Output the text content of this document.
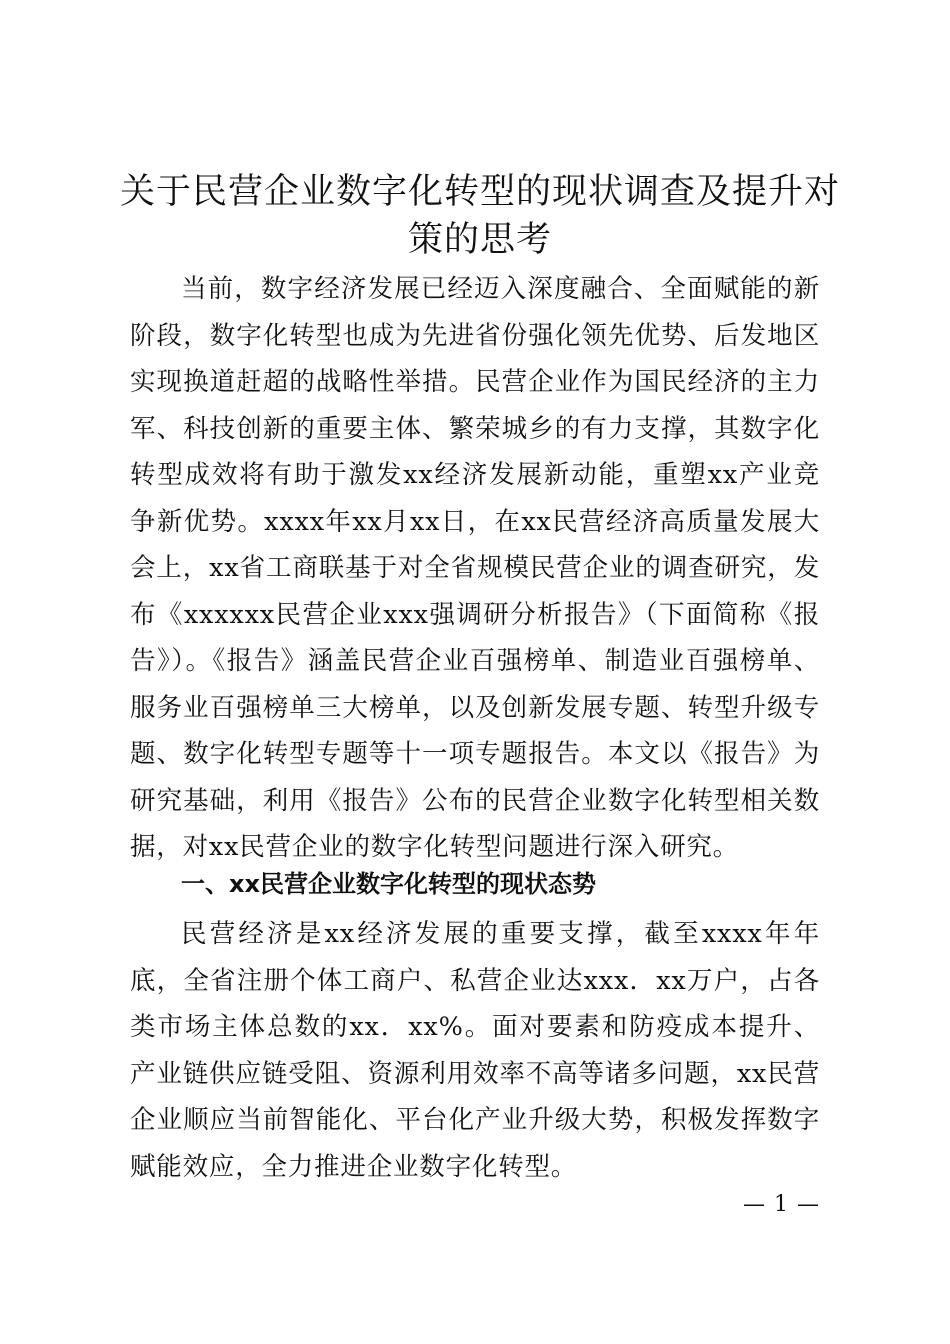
关于民营企业数字化转型的现状调查及提升对策的思考

当前，数字经济发展已经迈入深度融合、全面赋能的新阶段，数字化转型也成为先进省份强化领先优势、后发地区实现换道赶超的战略性举措。民营企业作为国民经济的主力军、科技创新的重要主体、繁荣城乡的有力支撑，其数字化转型成效将有助于激发xx经济发展新动能，重塑xx产业竞争新优势。xxxx年xx月xx日，在xx民营经济高质量发展大会上，xx省工商联基于对全省规模民营企业的调查研究，发布《xxxxxx民营企业xxx强调研分析报告》（下面简称《报告》）。《报告》涵盖民营企业百强榜单、制造业百强榜单、服务业百强榜单三大榜单，以及创新发展专题、转型升级专题、数字化转型专题等十一项专题报告。本文以《报告》为研究基础，利用《报告》公布的民营企业数字化转型相关数据，对xx民营企业的数字化转型问题进行深入研究。

一、xx民营企业数字化转型的现状态势

民营经济是xx经济发展的重要支撑，截至xxxx年年底，全省注册个体工商户、私营企业达xxx．xx万户，占各类市场主体总数的xx．xx%。面对要素和防疫成本提升、产业链供应链受阻、资源利用效率不高等诸多问题，xx民营企业顺应当前智能化、平台化产业升级大势，积极发挥数字赋能效应，全力推进企业数字化转型。

— 1 —
